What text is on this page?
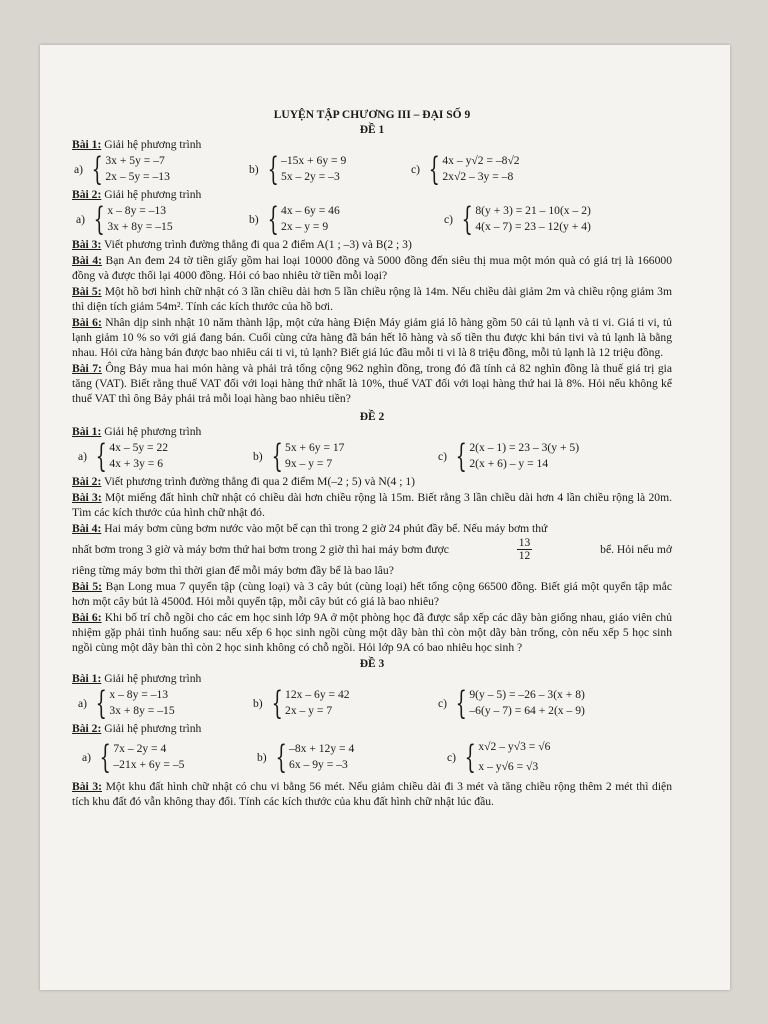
LUYỆN TẬP CHƯƠNG III – ĐẠI SỐ 9
ĐỀ 1
Bài 1: Giải hệ phương trình
a) { 3x + 5y = –7
2x – 5y = –13
b) { –15x + 6y = 9
5x – 2y = –3
c) { 4x – y√2 = –8√2
2x√2 – 3y = –8
Bài 2: Giải hệ phương trình
a) { x – 8y = –13
3x + 8y = –15
b) { 4x – 6y = 46
2x – y = 9
c) { 8(y + 3) = 21 – 10(x – 2)
4(x – 7) = 23 – 12(y + 4)
Bài 3: Viết phương trình đường thẳng đi qua 2 điểm A(1 ; –3) và B(2 ; 3)
Bài 4: Bạn An đem 24 tờ tiền giấy gồm hai loại 10000 đồng và 5000 đồng đến siêu thị mua một món quà có giá trị là 166000 đồng và được thối lại 4000 đồng. Hỏi có bao nhiêu tờ tiền mỗi loại?
Bài 5: Một hồ bơi hình chữ nhật có 3 lần chiều dài hơn 5 lần chiều rộng là 14m. Nếu chiều dài giảm 2m và chiều rộng giảm 3m thì diện tích giảm 54m². Tính các kích thước của hồ bơi.
Bài 6: Nhân dịp sinh nhật 10 năm thành lập, một cửa hàng Điện Máy giảm giá lô hàng gồm 50 cái tủ lạnh và ti vi. Giá ti vi, tủ lạnh giảm 10 % so với giá đang bán. Cuối cùng cửa hàng đã bán hết lô hàng và số tiền thu được khi bán tivi và tủ lạnh là bằng nhau. Hỏi cửa hàng bán được bao nhiêu cái ti vi, tủ lạnh? Biết giá lúc đầu mỗi ti vi là 8 triệu đồng, mỗi tủ lạnh là 12 triệu đồng.
Bài 7: Ông Bảy mua hai món hàng và phải trả tổng cộng 962 nghìn đồng, trong đó đã tính cả 82 nghìn đồng là thuế giá trị gia tăng (VAT). Biết rằng thuế VAT đối với loại hàng thứ nhất là 10%, thuế VAT đối với loại hàng thứ hai là 8%. Hỏi nếu không kể thuế VAT thì ông Bảy phải trả mỗi loại hàng bao nhiêu tiền?
ĐỀ 2
Bài 1: Giải hệ phương trình
a) { 4x – 5y = 22
4x + 3y = 6
b) { 5x + 6y = 17
9x – y = 7
c) { 2(x – 1) = 23 – 3(y + 5)
2(x + 6) – y = 14
Bài 2: Viết phương trình đường thẳng đi qua 2 điểm M(–2 ; 5) và N(4 ; 1)
Bài 3: Một miếng đất hình chữ nhật có chiều dài hơn chiều rộng là 15m. Biết rằng 3 lần chiều dài hơn 4 lần chiều rộng là 20m. Tìm các kích thước của hình chữ nhật đó.
Bài 4: Hai máy bơm cùng bơm nước vào một bể cạn thì trong 2 giờ 24 phút đầy bể. Nếu máy bơm thứ
nhất bơm trong 3 giờ và máy bơm thứ hai bơm trong 2 giờ thì hai máy bơm được	$\frac{13}{12}$	bể. Hỏi nếu mở
riêng từng máy bơm thì thời gian để mỗi máy bơm đầy bể là bao lâu?
Bài 5: Bạn Long mua 7 quyển tập (cùng loại) và 3 cây bút (cùng loại) hết tổng cộng 66500 đồng. Biết giá một quyển tập mắc hơn một cây bút là 4500đ. Hỏi mỗi quyển tập, mỗi cây bút có giá là bao nhiêu?
Bài 6: Khi bố trí chỗ ngồi cho các em học sinh lớp 9A ở một phòng học đã được sắp xếp các dãy bàn giống nhau, giáo viên chủ nhiệm gặp phải tình huống sau: nếu xếp 6 học sinh ngồi cùng một dãy bàn thì còn một dãy bàn trống, còn nếu xếp 5 học sinh ngồi cùng một dãy bàn thì còn 2 học sinh không có chỗ ngồi. Hỏi lớp 9A có bao nhiêu học sinh ?
ĐỀ 3
Bài 1: Giải hệ phương trình
a) { x – 8y = –13
3x + 8y = –15
b) { 12x – 6y = 42
2x – y = 7
c) { 9(y – 5) = –26 – 3(x + 8)
–6(y – 7) = 64 + 2(x – 9)
Bài 2: Giải hệ phương trình
a) { 7x – 2y = 4
–21x + 6y = –5
b) { –8x + 12y = 4
6x – 9y = –3
c) { x√2 – y√3 = √6
x – y√6 = √3
Bài 3: Một khu đất hình chữ nhật có chu vi bằng 56 mét. Nếu giảm chiều dài đi 3 mét và tăng chiều rộng thêm 2 mét thì diện tích khu đất đó vẫn không thay đổi. Tính các kích thước của khu đất hình chữ nhật lúc đầu.
